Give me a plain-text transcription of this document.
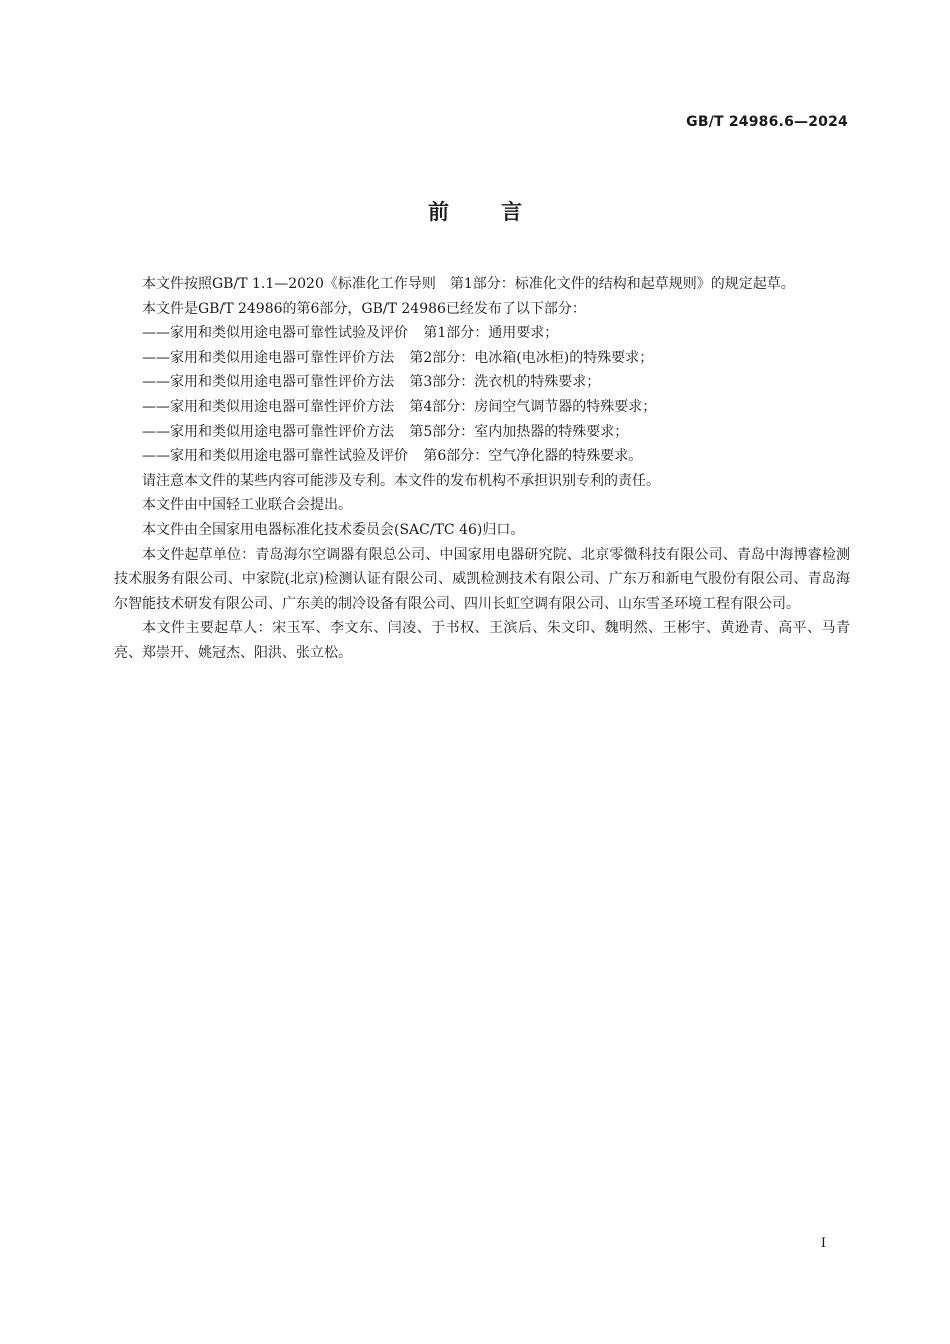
GB/T 24986.6—2024
前言

本文件按照GB/T 1.1—2020《标准化工作导则　第1部分：标准化文件的结构和起草规则》的规定起草。

本文件是GB/T 24986的第6部分，GB/T 24986已经发布了以下部分：

——家用和类似用途电器可靠性试验及评价 第1部分：通用要求；

——家用和类似用途电器可靠性评价方法 第2部分：电冰箱(电冰柜)的特殊要求；

——家用和类似用途电器可靠性评价方法 第3部分：洗衣机的特殊要求；

——家用和类似用途电器可靠性评价方法 第4部分：房间空气调节器的特殊要求；

——家用和类似用途电器可靠性评价方法 第5部分：室内加热器的特殊要求；

——家用和类似用途电器可靠性试验及评价 第6部分：空气净化器的特殊要求。

请注意本文件的某些内容可能涉及专利。本文件的发布机构不承担识别专利的责任。

本文件由中国轻工业联合会提出。

本文件由全国家用电器标准化技术委员会(SAC/TC 46)归口。

本文件起草单位：青岛海尔空调器有限总公司、中国家用电器研究院、北京零微科技有限公司、青岛中海博睿检测技术服务有限公司、中家院(北京)检测认证有限公司、威凯检测技术有限公司、广东万和新电气股份有限公司、青岛海尔智能技术研发有限公司、广东美的制冷设备有限公司、四川长虹空调有限公司、山东雪圣环境工程有限公司。

本文件主要起草人：宋玉军、李文东、闫凌、于书权、王滨后、朱文印、魏明然、王彬宇、黄逊青、高平、马青亮、郑崇开、姚冠杰、阳洪、张立松。

I
